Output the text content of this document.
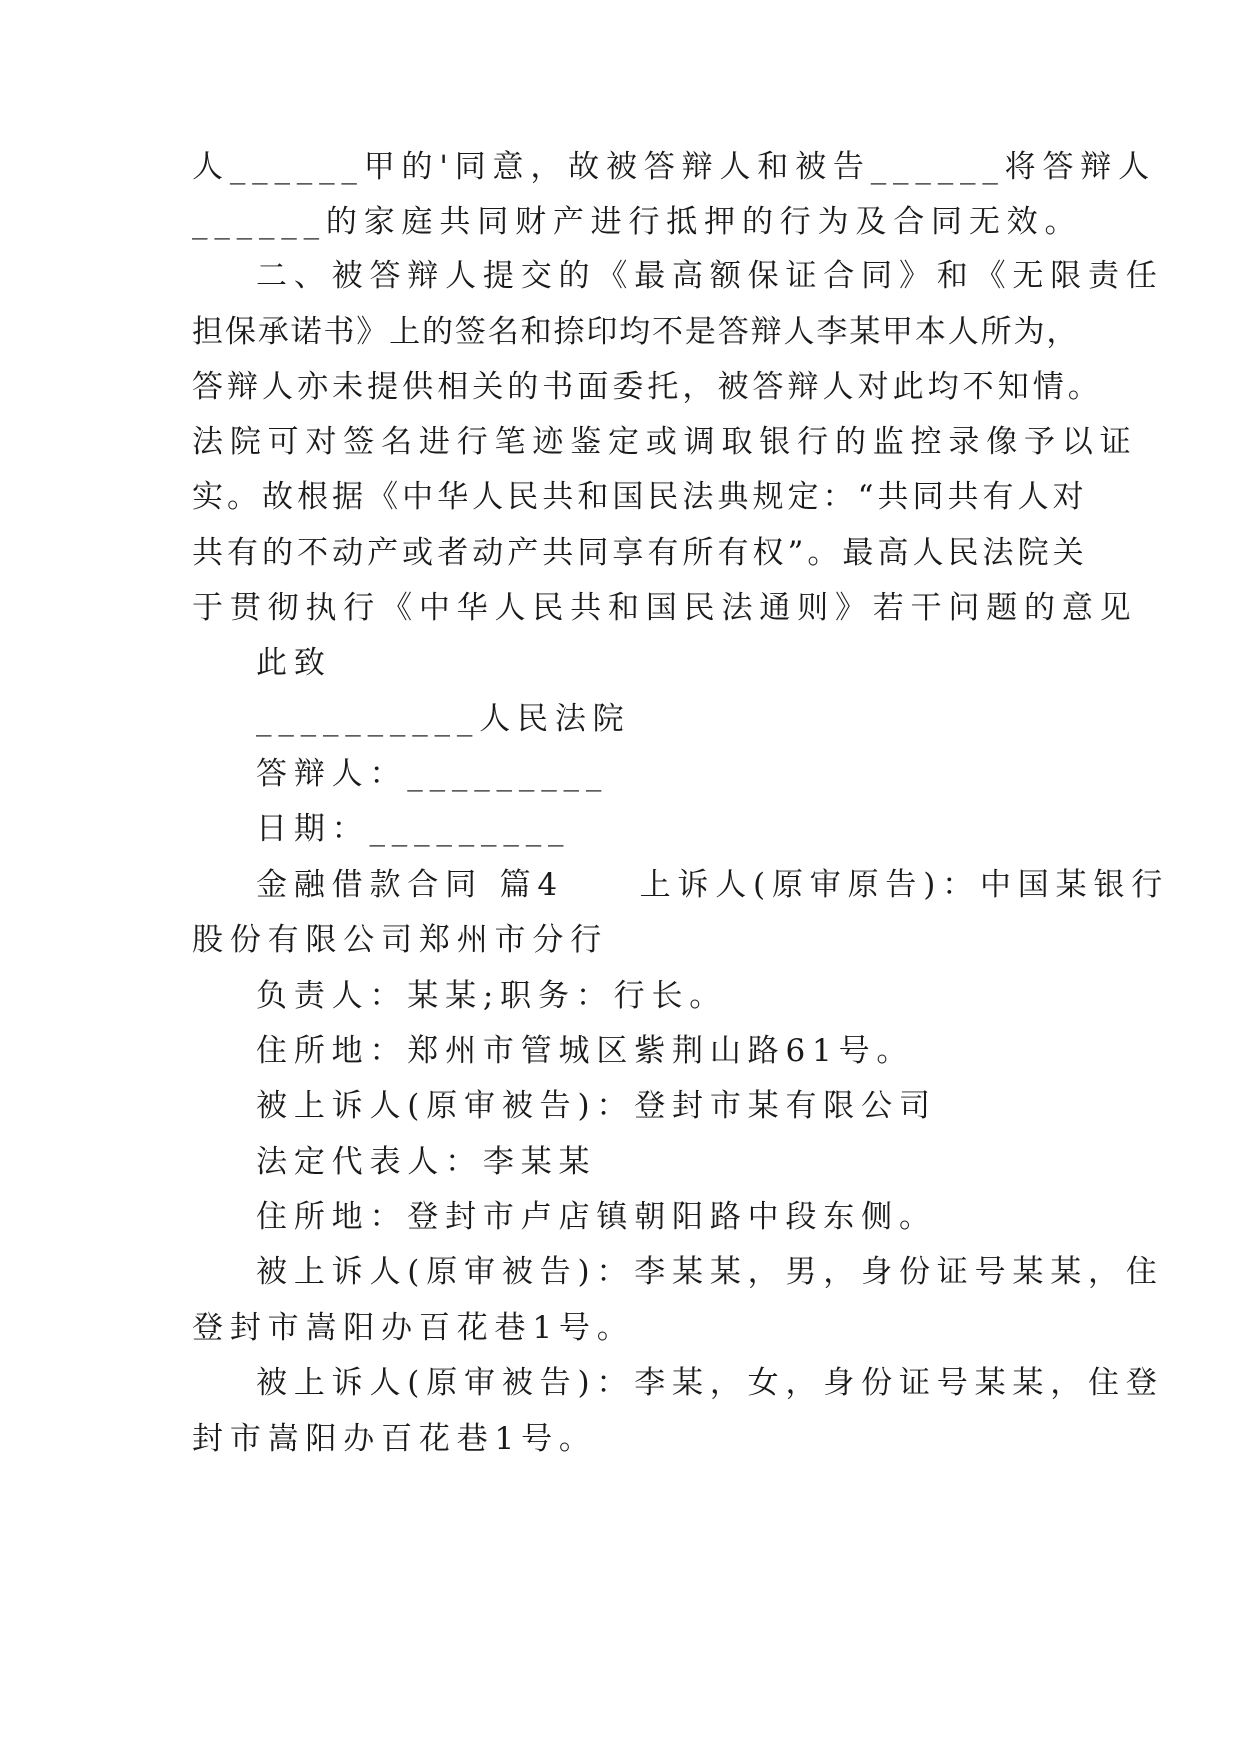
人______甲的'同意，故被答辩人和被告______将答辩人
______的家庭共同财产进行抵押的行为及合同无效。
二、被答辩人提交的《最高额保证合同》和《无限责任
担保承诺书》上的签名和捺印均不是答辩人李某甲本人所为，
答辩人亦未提供相关的书面委托，被答辩人对此均不知情。
法院可对签名进行笔迹鉴定或调取银行的监控录像予以证
实。故根据《中华人民共和国民法典规定：“共同共有人对
共有的不动产或者动产共同享有所有权”。最高人民法院关
于贯彻执行《中华人民共和国民法通则》若干问题的意见
此致
__________人民法院
答辩人：_________
日期：_________
金融借款合同 篇4　　上诉人(原审原告)：中国某银行
股份有限公司郑州市分行
负责人：某某;职务：行长。
住所地：郑州市管城区紫荆山路61号。
被上诉人(原审被告)：登封市某有限公司
法定代表人：李某某
住所地：登封市卢店镇朝阳路中段东侧。
被上诉人(原审被告)：李某某，男，身份证号某某，住
登封市嵩阳办百花巷1号。
被上诉人(原审被告)：李某，女，身份证号某某，住登
封市嵩阳办百花巷1号。
